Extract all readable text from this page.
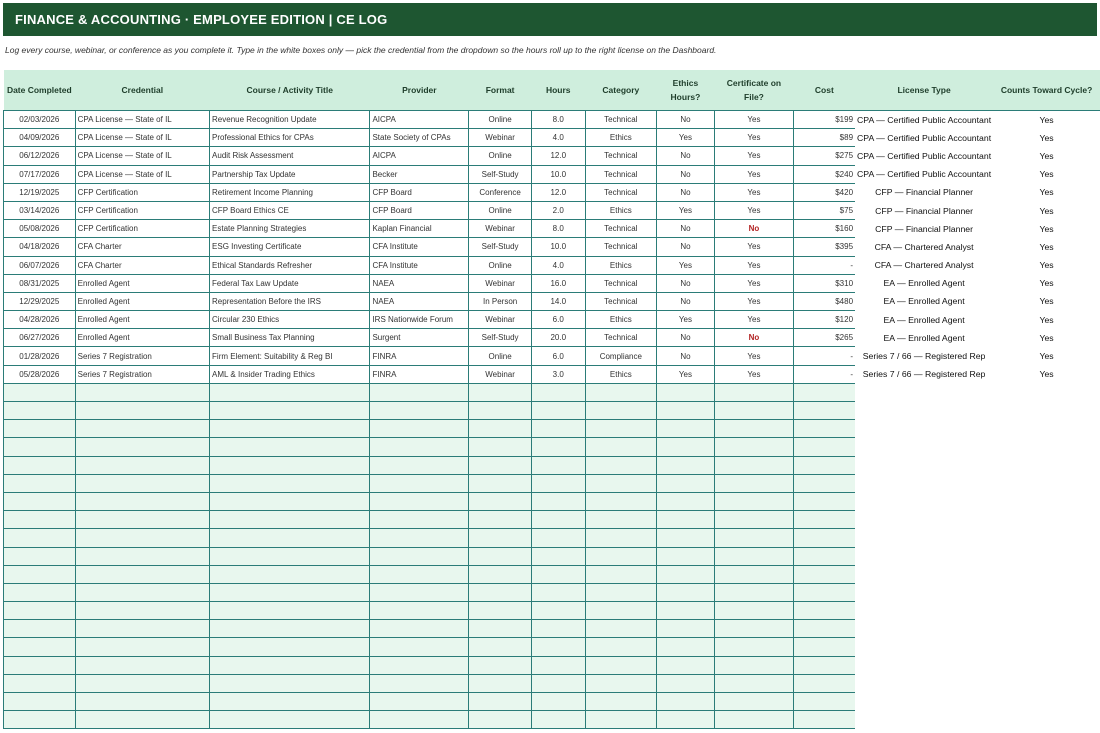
FINANCE & ACCOUNTING · EMPLOYEE EDITION | CE LOG
Log every course, webinar, or conference as you complete it. Type in the white boxes only — pick the credential from the dropdown so the hours roll up to the right license on the Dashboard.
Date Completed	Credential	Course / Activity Title	Provider	Format	Hours	Category	Ethics Hours?	Certificate on File?	Cost	License Type	Counts Toward Cycle?
02/03/2026	CPA License — State of IL	Revenue Recognition Update	AICPA	Online	8.0	Technical	No	Yes	$199	CPA — Certified Public Accountant	Yes
04/09/2026	CPA License — State of IL	Professional Ethics for CPAs	State Society of CPAs	Webinar	4.0	Ethics	Yes	Yes	$89	CPA — Certified Public Accountant	Yes
06/12/2026	CPA License — State of IL	Audit Risk Assessment	AICPA	Online	12.0	Technical	No	Yes	$275	CPA — Certified Public Accountant	Yes
07/17/2026	CPA License — State of IL	Partnership Tax Update	Becker	Self-Study	10.0	Technical	No	Yes	$240	CPA — Certified Public Accountant	Yes
12/19/2025	CFP Certification	Retirement Income Planning	CFP Board	Conference	12.0	Technical	No	Yes	$420	CFP — Financial Planner	Yes
03/14/2026	CFP Certification	CFP Board Ethics CE	CFP Board	Online	2.0	Ethics	Yes	Yes	$75	CFP — Financial Planner	Yes
05/08/2026	CFP Certification	Estate Planning Strategies	Kaplan Financial	Webinar	8.0	Technical	No	No	$160	CFP — Financial Planner	Yes
04/18/2026	CFA Charter	ESG Investing Certificate	CFA Institute	Self-Study	10.0	Technical	No	Yes	$395	CFA — Chartered Analyst	Yes
06/07/2026	CFA Charter	Ethical Standards Refresher	CFA Institute	Online	4.0	Ethics	Yes	Yes	-	CFA — Chartered Analyst	Yes
08/31/2025	Enrolled Agent	Federal Tax Law Update	NAEA	Webinar	16.0	Technical	No	Yes	$310	EA — Enrolled Agent	Yes
12/29/2025	Enrolled Agent	Representation Before the IRS	NAEA	In Person	14.0	Technical	No	Yes	$480	EA — Enrolled Agent	Yes
04/28/2026	Enrolled Agent	Circular 230 Ethics	IRS Nationwide Forum	Webinar	6.0	Ethics	Yes	Yes	$120	EA — Enrolled Agent	Yes
06/27/2026	Enrolled Agent	Small Business Tax Planning	Surgent	Self-Study	20.0	Technical	No	No	$265	EA — Enrolled Agent	Yes
01/28/2026	Series 7 Registration	Firm Element: Suitability & Reg BI	FINRA	Online	6.0	Compliance	No	Yes	-	Series 7 / 66 — Registered Rep	Yes
05/28/2026	Series 7 Registration	AML & Insider Trading Ethics	FINRA	Webinar	3.0	Ethics	Yes	Yes	-	Series 7 / 66 — Registered Rep	Yes
